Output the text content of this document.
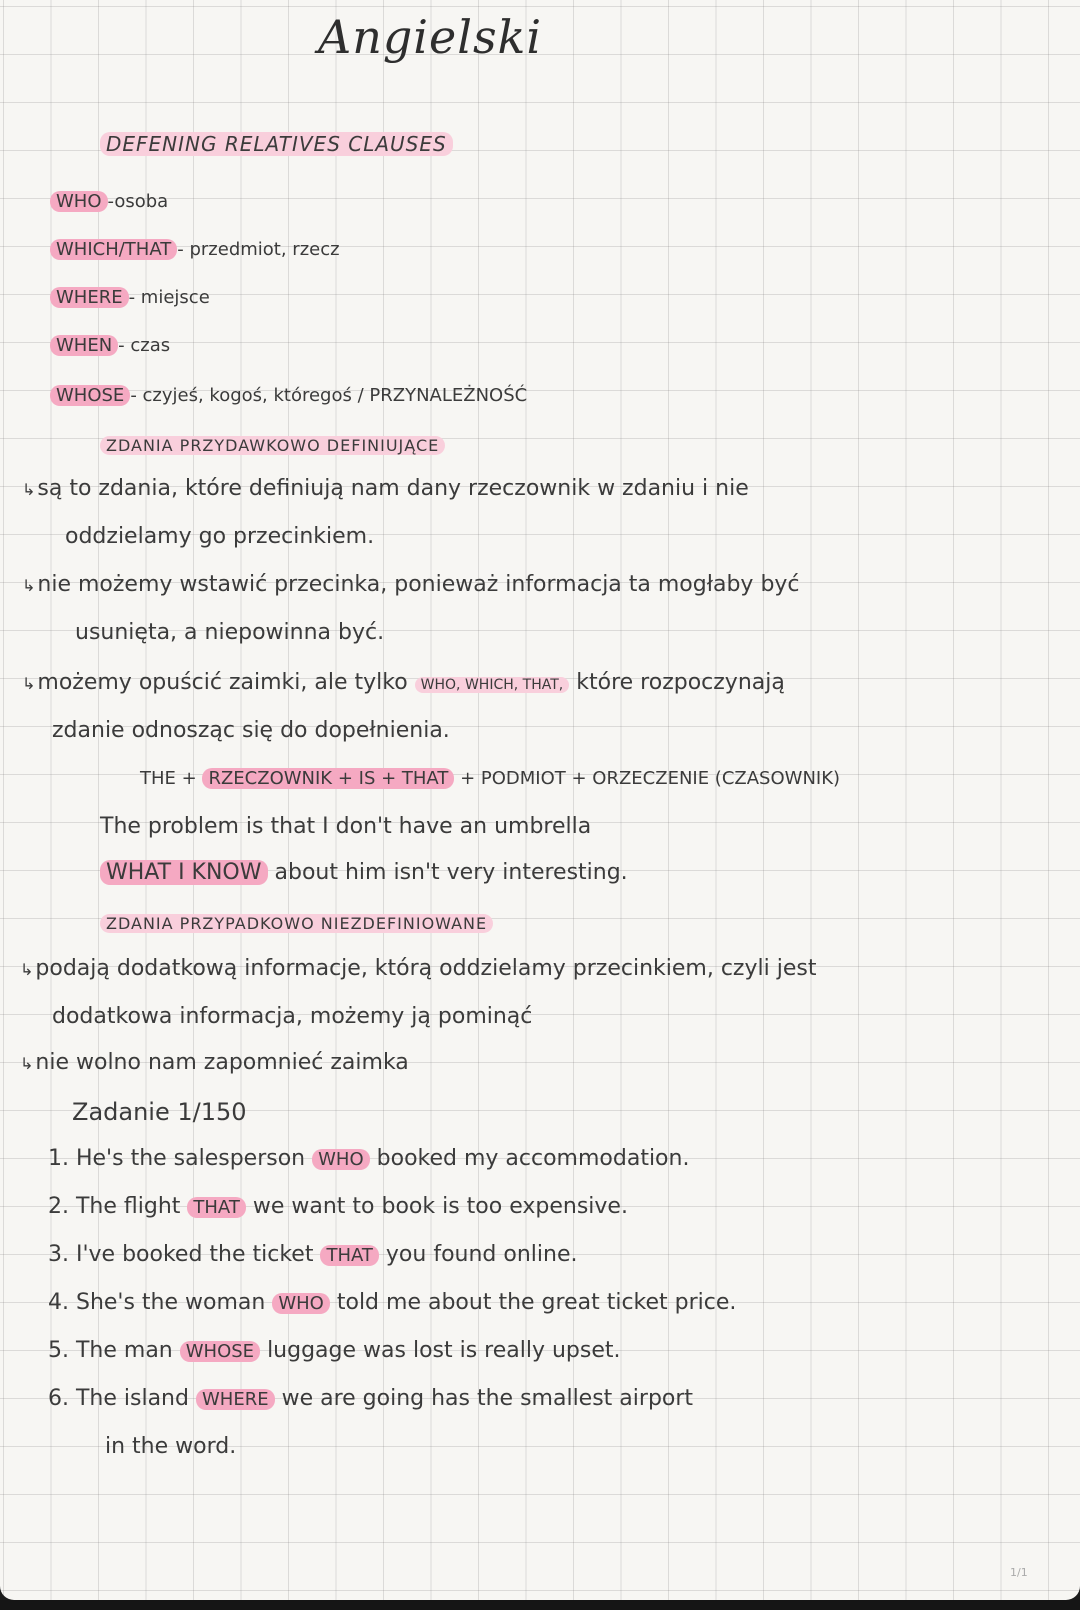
Angielski
DEFENING RELATIVES CLAUSES
WHO -osoba
WHICH/THAT - przedmiot, rzecz
WHERE - miejsce
WHEN - czas
WHOSE - czyjeś, kogoś, któregoś / PRZYNALEŻNOŚĆ
ZDANIA PRZYDAWKOWO DEFINIUJĄCE
↳są to zdania, które definiują nam dany rzeczownik w zdaniu i nie
oddzielamy go przecinkiem.
↳nie możemy wstawić przecinka, ponieważ informacja ta mogłaby być
usunięta, a niepowinna być.
↳możemy opuścić zaimki, ale tylko WHO, WHICH, THAT, które rozpoczynają
zdanie odnosząc się do dopełnienia.
THE + RZECZOWNIK + IS + THAT + PODMIOT + ORZECZENIE (CZASOWNIK)
The problem is that I don't have an umbrella
WHAT I KNOW about him isn't very interesting.
ZDANIA PRZYPADKOWO NIEZDEFINIOWANE
↳podają dodatkową informacje, którą oddzielamy przecinkiem, czyli jest
dodatkowa informacja, możemy ją pominąć
↳nie wolno nam zapomnieć zaimka
Zadanie 1/150
1. He's the salesperson WHO booked my accommodation.
2. The flight THAT we want to book is too expensive.
3. I've booked the ticket THAT you found online.
4. She's the woman WHO told me about the great ticket price.
5. The man WHOSE luggage was lost is really upset.
6. The island WHERE we are going has the smallest airport
in the word.
1/1
